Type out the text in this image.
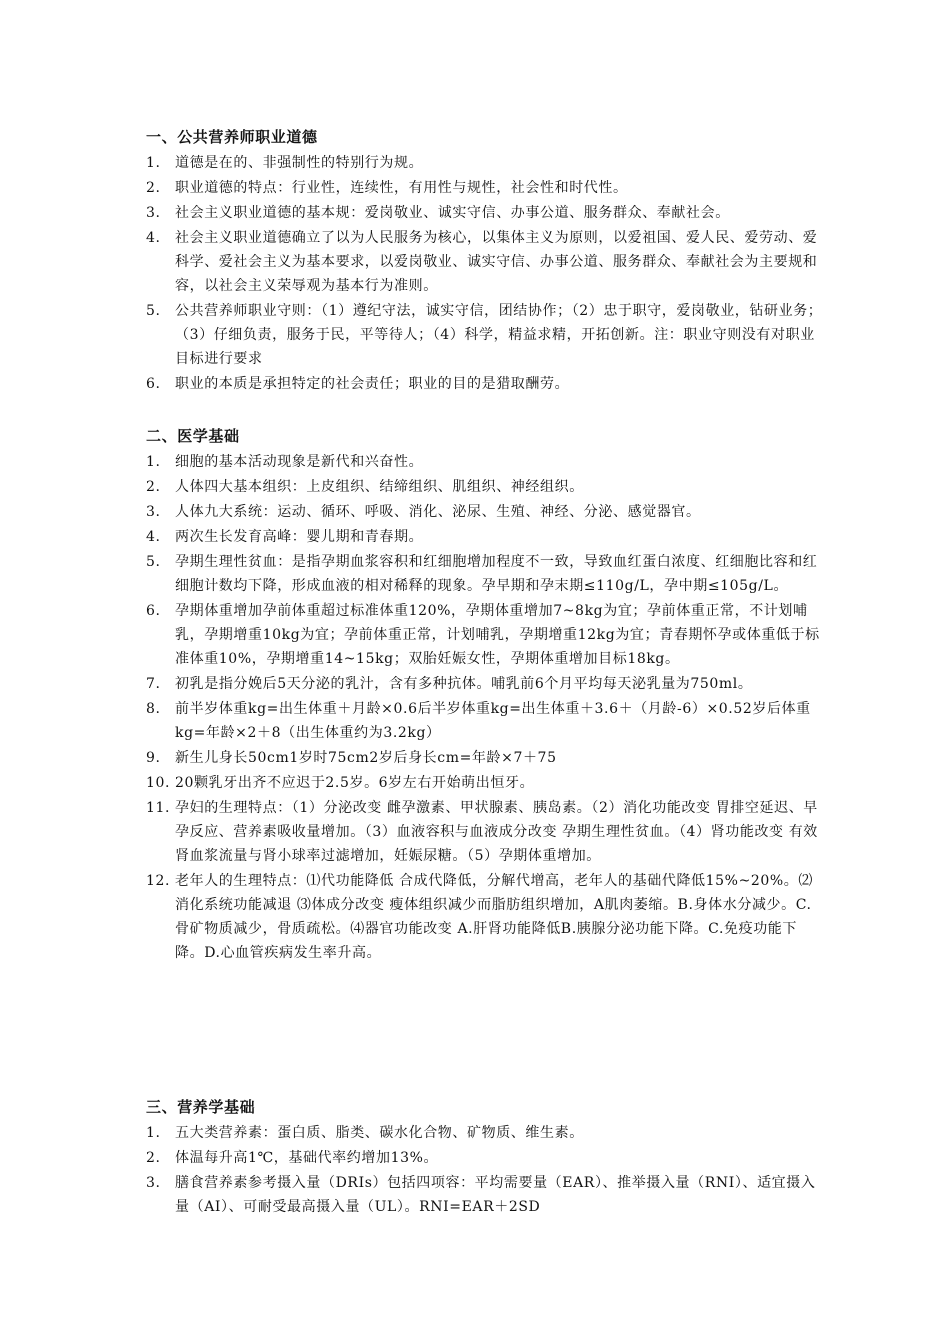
一、公共营养师职业道德
1. 道德是在的、非强制性的特别行为规。
2. 职业道德的特点：行业性，连续性，有用性与规性，社会性和时代性。
3. 社会主义职业道德的基本规：爱岗敬业、诚实守信、办事公道、服务群众、奉献社会。
4. 社会主义职业道德确立了以为人民服务为核心，以集体主义为原则，以爱祖国、爱人民、爱劳动、爱科学、爱社会主义为基本要求，以爱岗敬业、诚实守信、办事公道、服务群众、奉献社会为主要规和容，以社会主义荣辱观为基本行为准则。
5. 公共营养师职业守则：（1）遵纪守法，诚实守信，团结协作；（2）忠于职守，爱岗敬业，钻研业务；（3）仔细负责，服务于民，平等待人；（4）科学，精益求精，开拓创新。注：职业守则没有对职业目标进行要求
6. 职业的本质是承担特定的社会责任；职业的目的是猎取酬劳。
二、医学基础
1. 细胞的基本活动现象是新代和兴奋性。
2. 人体四大基本组织：上皮组织、结缔组织、肌组织、神经组织。
3. 人体九大系统：运动、循环、呼吸、消化、泌尿、生殖、神经、分泌、感觉器官。
4. 两次生长发育高峰：婴儿期和青春期。
5. 孕期生理性贫血：是指孕期血浆容积和红细胞增加程度不一致，导致血红蛋白浓度、红细胞比容和红细胞计数均下降，形成血液的相对稀释的现象。孕早期和孕末期≤110g/L，孕中期≤105g/L。
6. 孕期体重增加孕前体重超过标准体重120%，孕期体重增加7~8kg为宜；孕前体重正常，不计划哺乳，孕期增重10kg为宜；孕前体重正常，计划哺乳，孕期增重12kg为宜；青春期怀孕或体重低于标准体重10%，孕期增重14~15kg；双胎妊娠女性，孕期体重增加目标18kg。
7. 初乳是指分娩后5天分泌的乳汁，含有多种抗体。哺乳前6个月平均每天泌乳量为750ml。
8. 前半岁体重kg=出生体重＋月龄×0.6后半岁体重kg=出生体重＋3.6＋（月龄-6）×0.52岁后体重kg=年龄×2＋8（出生体重约为3.2kg）
9. 新生儿身长50cm1岁时75cm2岁后身长cm=年龄×7＋75
10. 20颗乳牙出齐不应迟于2.5岁。6岁左右开始萌出恒牙。
11. 孕妇的生理特点：（1）分泌改变 雌孕激素、甲状腺素、胰岛素。（2）消化功能改变 胃排空延迟、早孕反应、营养素吸收量增加。（3）血液容积与血液成分改变 孕期生理性贫血。（4）肾功能改变 有效肾血浆流量与肾小球率过滤增加，妊娠尿糖。（5）孕期体重增加。
12. 老年人的生理特点：⑴代功能降低 合成代降低，分解代增高，老年人的基础代降低15%~20%。⑵消化系统功能减退 ⑶体成分改变 瘦体组织减少而脂肪组织增加，A肌肉萎缩。B.身体水分减少。C.骨矿物质减少，骨质疏松。⑷器官功能改变 A.肝肾功能降低B.胰腺分泌功能下降。C.免疫功能下降。D.心血管疾病发生率升高。
三、营养学基础
1. 五大类营养素：蛋白质、脂类、碳水化合物、矿物质、维生素。
2. 体温每升高1℃，基础代率约增加13%。
3. 膳食营养素参考摄入量（DRIs）包括四项容：平均需要量（EAR）、推举摄入量（RNI）、适宜摄入量（AI）、可耐受最高摄入量（UL）。RNI=EAR＋2SD
